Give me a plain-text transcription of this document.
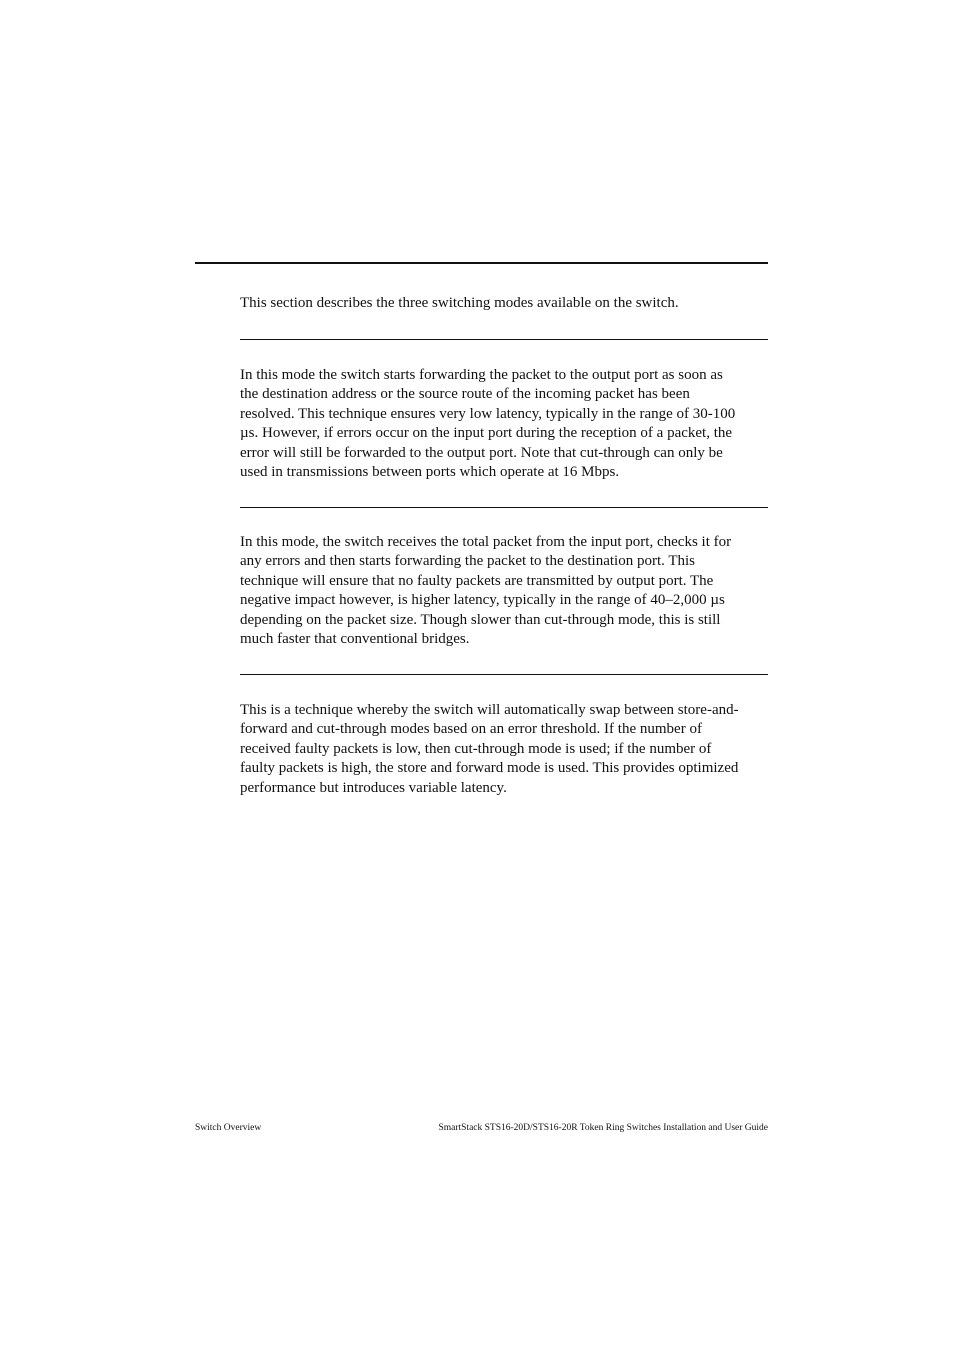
This section describes the three switching modes available on the switch.

In this mode the switch starts forwarding the packet to the output port as soon as
the destination address or the source route of the incoming packet has been
resolved. This technique ensures very low latency, typically in the range of 30-100
µs. However, if errors occur on the input port during the reception of a packet, the
error will still be forwarded to the output port. Note that cut-through can only be
used in transmissions between ports which operate at 16 Mbps.

In this mode, the switch receives the total packet from the input port, checks it for
any errors and then starts forwarding the packet to the destination port. This
technique will ensure that no faulty packets are transmitted by output port. The
negative impact however, is higher latency, typically in the range of 40–2,000 µs
depending on the packet size. Though slower than cut-through mode, this is still
much faster that conventional bridges.

This is a technique whereby the switch will automatically swap between store-and-
forward and cut-through modes based on an error threshold. If the number of
received faulty packets is low, then cut-through mode is used; if the number of
faulty packets is high, the store and forward mode is used. This provides optimized
performance but introduces variable latency.

Switch Overview	SmartStack STS16-20D/STS16-20R Token Ring Switches Installation and User Guide
